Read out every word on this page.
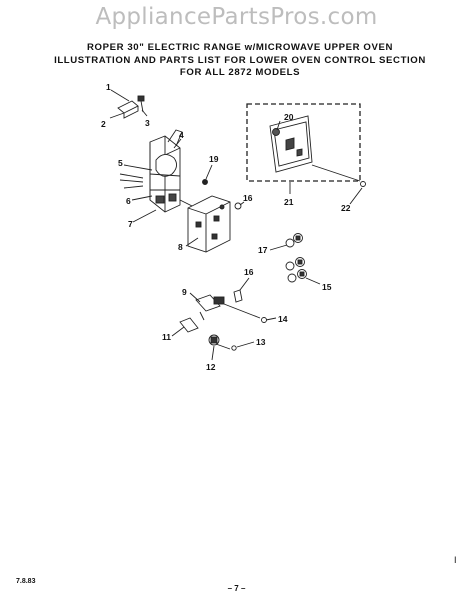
AppliancePartsPros.com
ROPER 30" ELECTRIC RANGE w/MICROWAVE UPPER OVEN
ILLUSTRATION AND PARTS LIST FOR LOWER OVEN CONTROL SECTION
FOR ALL 2872 MODELS
1
2	3
4
5
6
7
8
19
16
20
21
22
17
16
15
9
14
11
12
13
I
7.8.83
– 7 –
